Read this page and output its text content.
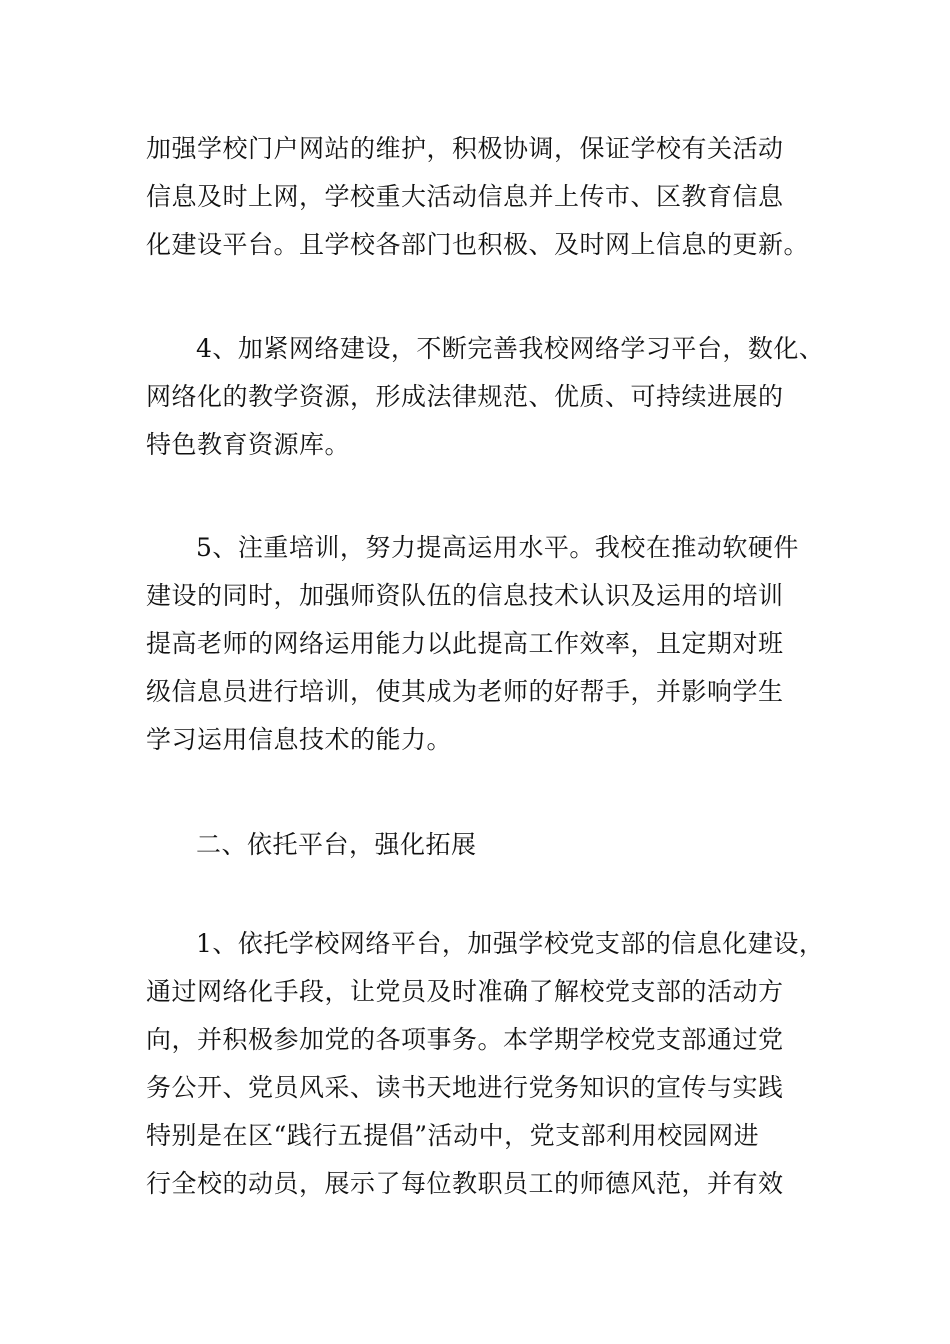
加强学校门户网站的维护，积极协调，保证学校有关活动
信息及时上网，学校重大活动信息并上传市、区教育信息
化建设平台。且学校各部门也积极、及时网上信息的更新。
4、加紧网络建设，不断完善我校网络学习平台，数化、
网络化的教学资源，形成法律规范、优质、可持续进展的
特色教育资源库。
5、注重培训，努力提高运用水平。我校在推动软硬件
建设的同时，加强师资队伍的信息技术认识及运用的培训
提高老师的网络运用能力以此提高工作效率，且定期对班
级信息员进行培训，使其成为老师的好帮手，并影响学生
学习运用信息技术的能力。
二、依托平台，强化拓展
1、依托学校网络平台，加强学校党支部的信息化建设，
通过网络化手段，让党员及时准确了解校党支部的活动方
向，并积极参加党的各项事务。本学期学校党支部通过党
务公开、党员风采、读书天地进行党务知识的宣传与实践
特别是在区“践行五提倡”活动中，党支部利用校园网进
行全校的动员，展示了每位教职员工的师德风范，并有效
